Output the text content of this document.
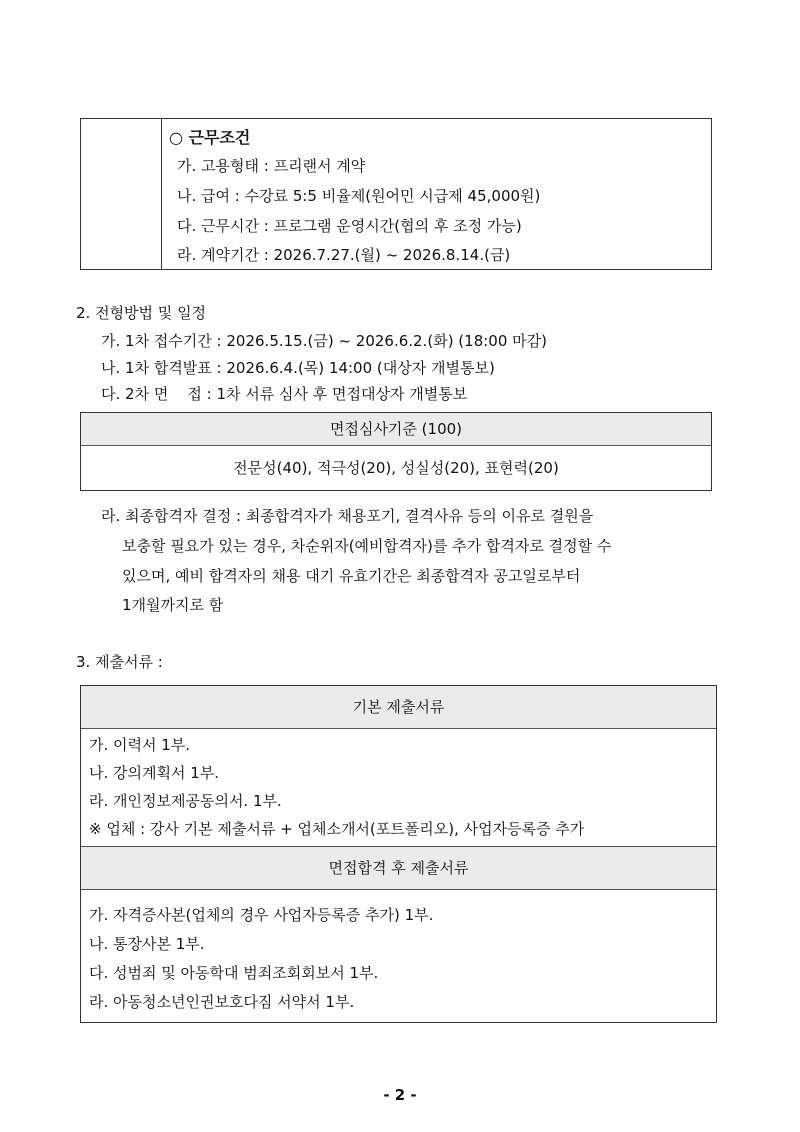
○ 근무조건
가. 고용형태 : 프리랜서 계약
나. 급여 : 수강료 5:5 비율제(원어민 시급제 45,000원)
다. 근무시간 : 프로그램 운영시간(협의 후 조정 가능)
라. 계약기간 : 2026.7.27.(월) ~ 2026.8.14.(금)
2. 전형방법 및 일정
가. 1차 접수기간 : 2026.5.15.(금) ~ 2026.6.2.(화) (18:00 마감)
나. 1차 합격발표 : 2026.6.4.(목) 14:00 (대상자 개별통보)
다. 2차 면    접 : 1차 서류 심사 후 면접대상자 개별통보
면접심사기준 (100)
전문성(40), 적극성(20), 성실성(20), 표현력(20)
라. 최종합격자 결정 : 최종합격자가 채용포기, 결격사유 등의 이유로 결원을
보충할 필요가 있는 경우, 차순위자(예비합격자)를 추가 합격자로 결정할 수
있으며, 예비 합격자의 채용 대기 유효기간은 최종합격자 공고일로부터
1개월까지로 함
3. 제출서류 :
기본 제출서류
가. 이력서 1부.
나. 강의계획서 1부.
라. 개인정보제공동의서. 1부.
※ 업체 : 강사 기본 제출서류 + 업체소개서(포트폴리오), 사업자등록증 추가
면접합격 후 제출서류
가. 자격증사본(업체의 경우 사업자등록증 추가) 1부.
나. 통장사본 1부.
다. 성범죄 및 아동학대 범죄조회회보서 1부.
라. 아동청소년인권보호다짐 서약서 1부.
- 2 -
